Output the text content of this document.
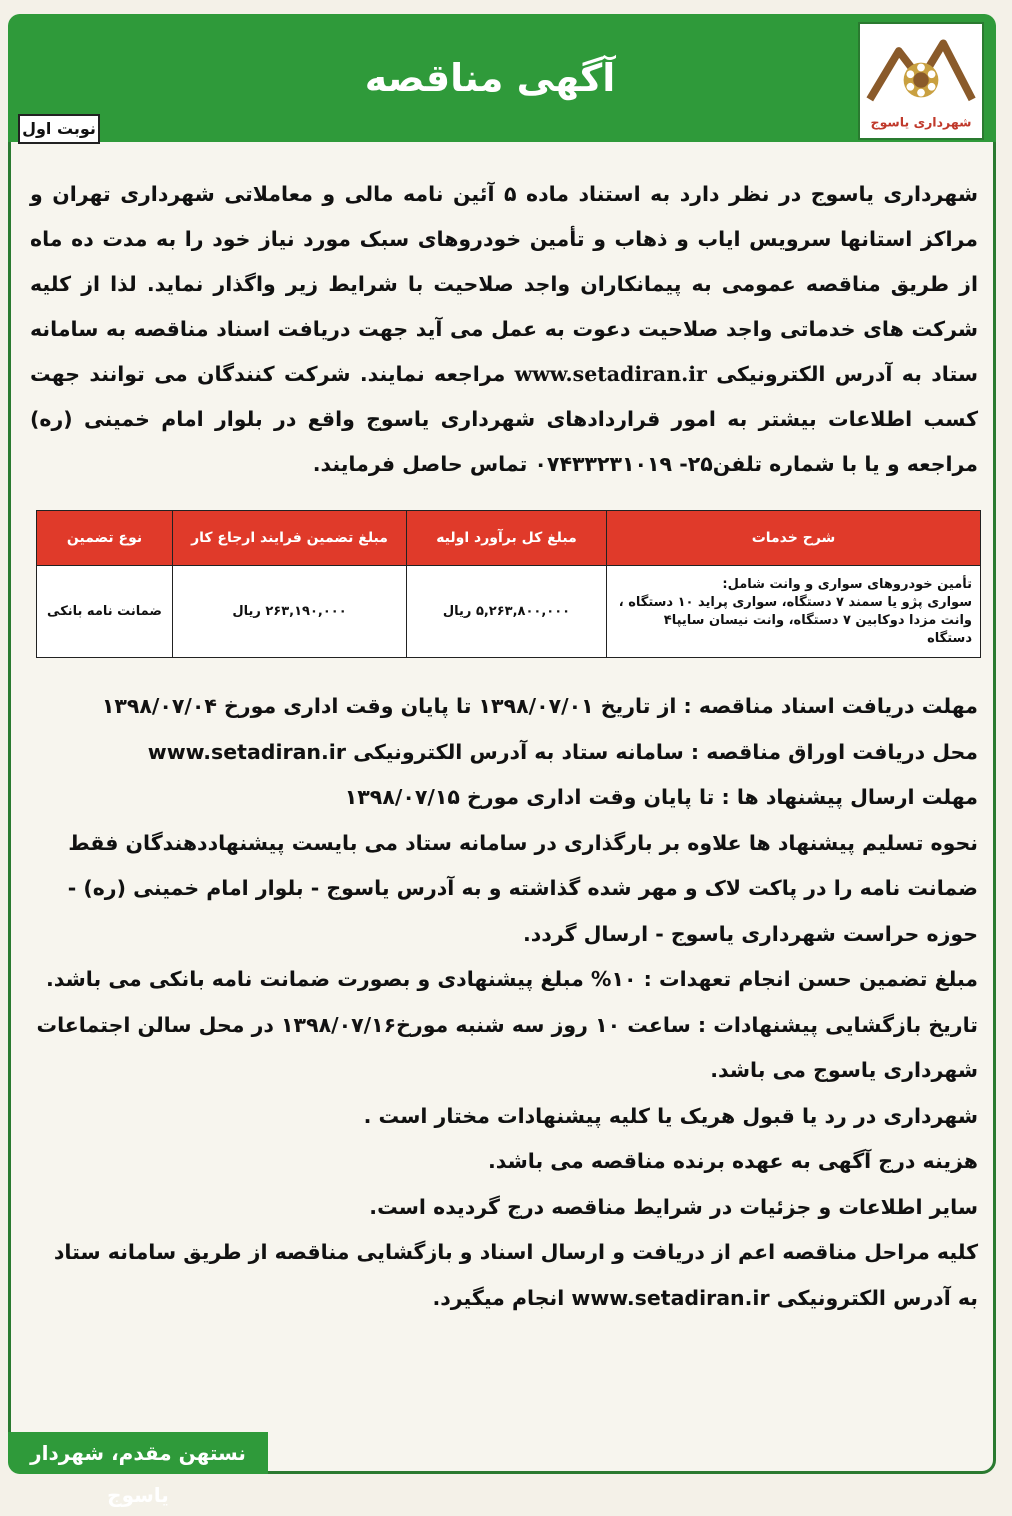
آگهی مناقصه
شهرداری یاسوج
نوبت اول
شهرداری یاسوج در نظر دارد به استناد ماده ۵ آئین نامه مالی و معاملاتی شهرداری تهران و مراکز استانها سرویس ایاب و ذهاب و تأمین خودروهای سبک مورد نیاز خود را به مدت ده ماه از طریق مناقصه عمومی به پیمانکاران واجد صلاحیت با شرایط زیر واگذار نماید. لذا از کلیه شرکت های خدماتی واجد صلاحیت دعوت به عمل می آید جهت دریافت اسناد مناقصه به سامانه ستاد به آدرس الکترونیکی www.setadiran.ir مراجعه نمایند. شرکت کنندگان می توانند جهت کسب اطلاعات بیشتر به امور قراردادهای شهرداری یاسوج واقع در بلوار امام خمینی (ره) مراجعه و یا با شماره تلفن۲۵- ۰۷۴۳۳۲۳۱۰۱۹ تماس حاصل فرمایند.
شرح خدمات	مبلغ کل برآورد اولیه	مبلغ تضمین فرایند ارجاع کار	نوع تضمین

تأمین خودروهای سواری و وانت شامل:
سواری پژو یا سمند ۷ دستگاه، سواری پراید ۱۰ دستگاه ،
وانت مزدا دوکابین ۷ دستگاه، وانت نیسان سایپا۴ دستگاه	۵,۲۶۳,۸۰۰,۰۰۰ ریال	۲۶۳,۱۹۰,۰۰۰ ریال	ضمانت نامه بانکی

مهلت دریافت اسناد مناقصه : از تاریخ ۱۳۹۸/۰۷/۰۱ تا پایان وقت اداری مورخ ۱۳۹۸/۰۷/۰۴

محل دریافت اوراق مناقصه : سامانه ستاد به آدرس الکترونیکی www.setadiran.ir

مهلت ارسال پیشنهاد ها : تا پایان وقت اداری مورخ ۱۳۹۸/۰۷/۱۵

نحوه تسلیم پیشنهاد ها علاوه بر بارگذاری در سامانه ستاد می بایست پیشنهاددهندگان فقط ضمانت نامه را در پاکت لاک و مهر شده گذاشته و به آدرس یاسوج - بلوار امام خمینی (ره) - حوزه حراست شهرداری یاسوج - ارسال گردد.

مبلغ تضمین حسن انجام تعهدات : ۱۰% مبلغ پیشنهادی و بصورت ضمانت نامه بانکی می باشد.

تاریخ بازگشایی پیشنهادات : ساعت ۱۰ روز سه شنبه مورخ۱۳۹۸/۰۷/۱۶ در محل سالن اجتماعات شهرداری یاسوج می باشد.

شهرداری در رد یا قبول هریک یا کلیه پیشنهادات مختار است .

هزینه درج آگهی به عهده برنده مناقصه می باشد.

سایر اطلاعات و جزئیات در شرایط مناقصه درج گردیده است.

کلیه مراحل مناقصه اعم از دریافت و ارسال اسناد و بازگشایی مناقصه از طریق سامانه ستاد به آدرس الکترونیکی www.setadiran.ir انجام میگیرد.

نستهن مقدم، شهردار یاسوج
